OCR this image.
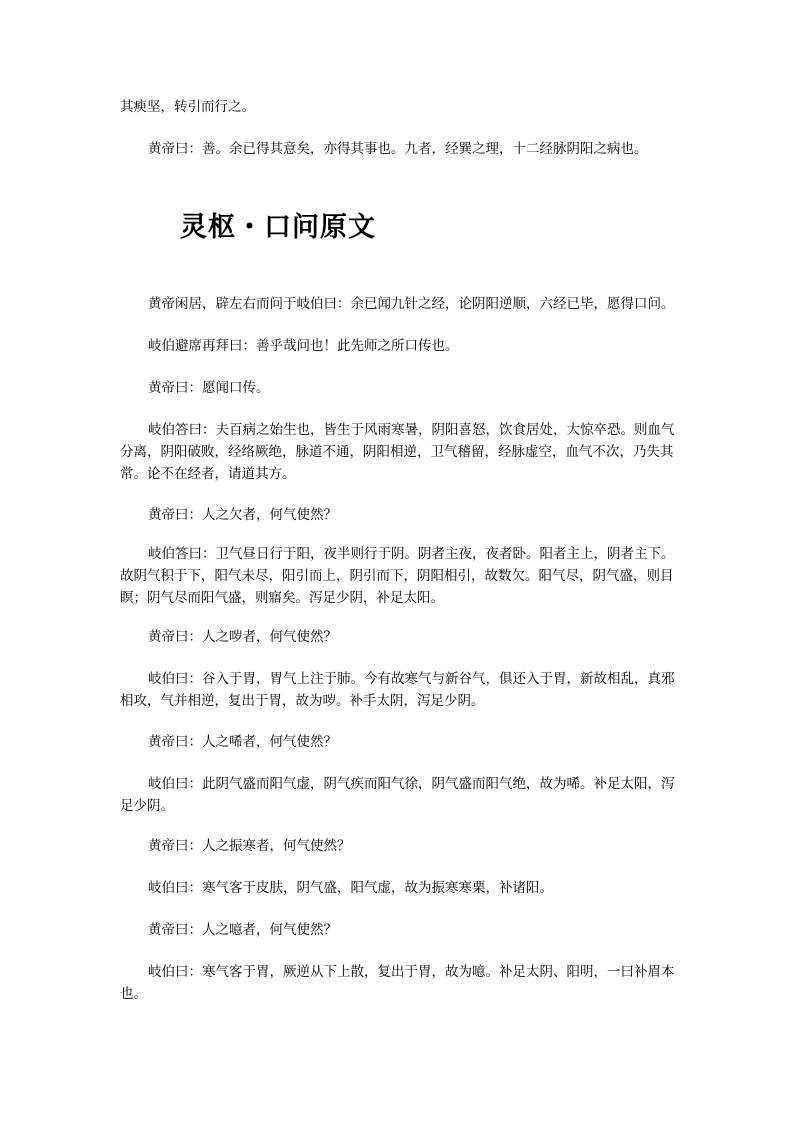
其瘐坚，转引而行之。

黄帝曰：善。余已得其意矣，亦得其事也。九者，经巽之理，十二经脉阴阳之病也。

灵枢・口问原文

黄帝闲居，辟左右而问于岐伯曰：余已闻九针之经，论阴阳逆顺，六经已毕，愿得口问。

岐伯避席再拜曰：善乎哉问也！此先师之所口传也。

黄帝曰：愿闻口传。

岐伯答曰：夫百病之始生也，皆生于风雨寒暑，阴阳喜怒，饮食居处，大惊卒恐。则血气分离，阴阳破败，经络厥绝，脉道不通，阴阳相逆，卫气稽留，经脉虚空，血气不次，乃失其常。论不在经者，请道其方。

黄帝曰：人之欠者，何气使然？

岐伯答曰：卫气昼日行于阳，夜半则行于阴。阴者主夜，夜者卧。阳者主上，阴者主下。故阴气积于下，阳气未尽，阳引而上，阴引而下，阴阳相引，故数欠。阳气尽，阴气盛，则目瞑；阴气尽而阳气盛，则寤矣。泻足少阴，补足太阳。

黄帝曰：人之哕者，何气使然？

岐伯曰：谷入于胃，胃气上注于肺。今有故寒气与新谷气，俱还入于胃，新故相乱，真邪相攻，气并相逆，复出于胃，故为哕。补手太阴，泻足少阴。

黄帝曰：人之唏者，何气使然？

岐伯曰：此阴气盛而阳气虚，阴气疾而阳气徐，阴气盛而阳气绝，故为唏。补足太阳，泻足少阴。

黄帝曰：人之振寒者，何气使然？

岐伯曰：寒气客于皮肤，阴气盛，阳气虚，故为振寒寒栗，补诸阳。

黄帝曰：人之噫者，何气使然？

岐伯曰：寒气客于胃，厥逆从下上散，复出于胃，故为噫。补足太阴、阳明，一曰补眉本也。
